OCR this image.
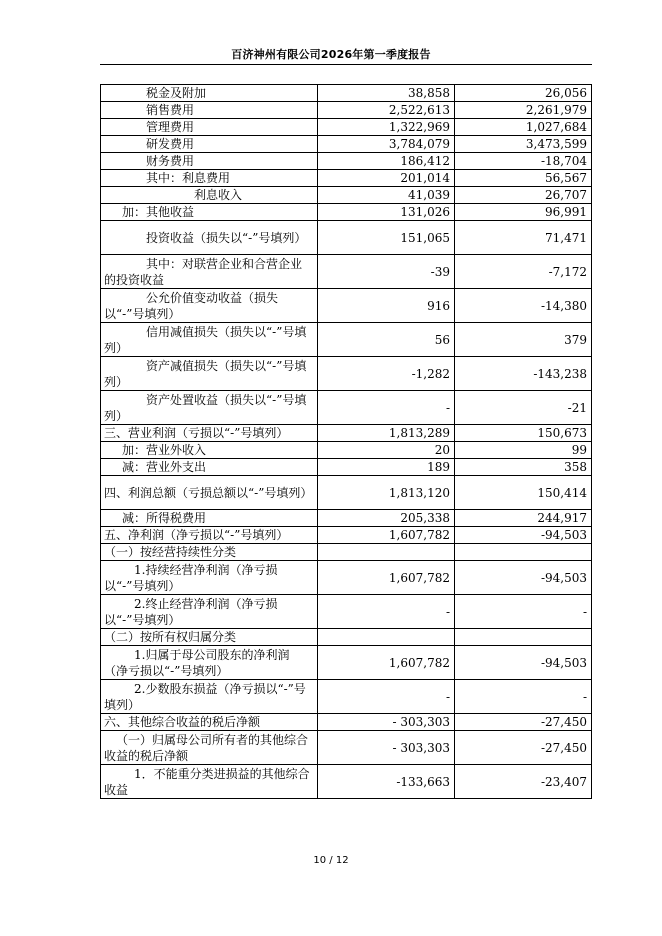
百济神州有限公司2026年第一季度报告
税金及附加	38,858	26,056
销售费用	2,522,613	2,261,979
管理费用	1,322,969	1,027,684
研发费用	3,784,079	3,473,599
财务费用	186,412	-18,704
其中：利息费用	201,014	56,567
利息收入	41,039	26,707
加：其他收益	131,026	96,991
投资收益（损失以“-”号填列）	151,065	71,471
其中：对联营企业和合营企业的投资收益	-39	-7,172
公允价值变动收益（损失以“-”号填列）	916	-14,380
信用减值损失（损失以“-”号填列）	56	379
资产减值损失（损失以“-”号填列）	-1,282	-143,238
资产处置收益（损失以“-”号填列）	-	-21
三、营业利润（亏损以“-”号填列）	1,813,289	150,673
加：营业外收入	20	99
减：营业外支出	189	358
四、利润总额（亏损总额以“-”号填列）	1,813,120	150,414
减：所得税费用	205,338	244,917
五、净利润（净亏损以“-”号填列）	1,607,782	-94,503
（一）按经营持续性分类		
1.持续经营净利润（净亏损以“-”号填列）	1,607,782	-94,503
2.终止经营净利润（净亏损以“-”号填列）	-	-
（二）按所有权归属分类		
1.归属于母公司股东的净利润（净亏损以“-”号填列）	1,607,782	-94,503
2.少数股东损益（净亏损以“-”号填列）	-	-
六、其他综合收益的税后净额	- 303,303	-27,450
（一）归属母公司所有者的其他综合收益的税后净额	- 303,303	-27,450
1．不能重分类进损益的其他综合收益	-133,663	-23,407
10 / 12
